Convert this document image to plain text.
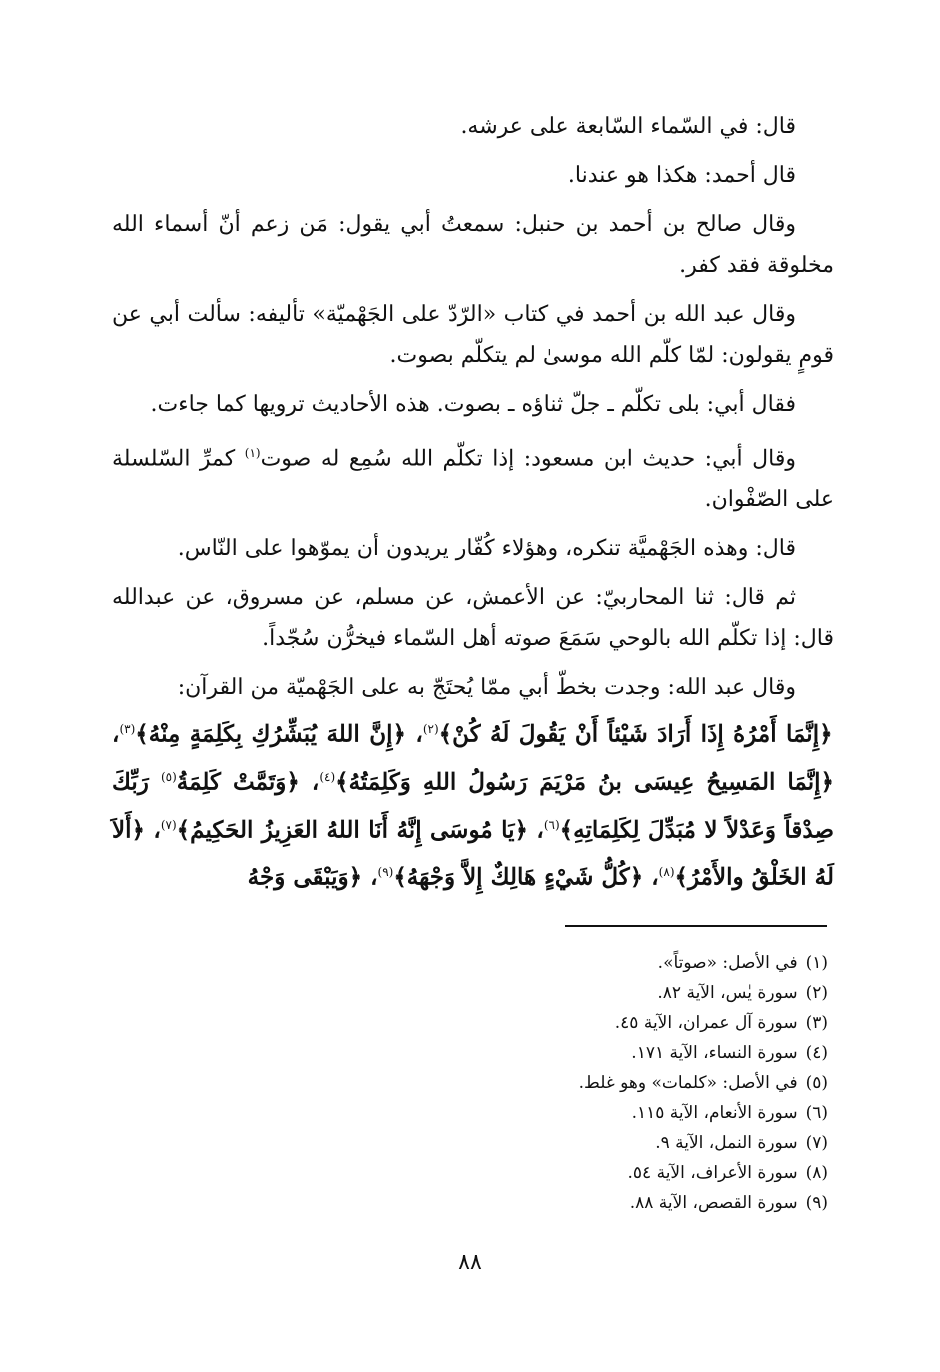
قال: في السّماء السّابعة على عرشه.

قال أحمد: هكذا هو عندنا.

وقال صالح بن أحمد بن حنبل: سمعتُ أبي يقول: مَن زعم أنّ أسماء الله مخلوقة فقد كفر.

وقال عبد الله بن أحمد في كتاب «الرّدّ على الجَهْميّة» تأليفه: سألت أبي عن قومٍ يقولون: لمّا كلّم الله موسىٰ لم يتكلّم بصوت.

فقال أبي: بلى تكلّم ـ جلّ ثناؤه ـ بصوت. هذه الأحاديث ترويها كما جاءت.

وقال أبي: حديث ابن مسعود: إذا تكلّم الله سُمِع له صوت$^{(١)}$ كمرِّ السّلسلة على الصّفْوان.

قال: وهذه الجَهْميَّة تنكره، وهؤلاء كُفّار يريدون أن يموّهوا على النّاس.

ثم قال: ثنا المحاربيّ: عن الأعمش، عن مسلم، عن مسروق، عن عبدالله قال: إذا تكلّم الله بالوحي سَمَعَ صوته أهل السّماء فيخرُّن سُجّداً.

وقال عبد الله: وجدت بخطّ أبي ممّا يُحتَجّ به على الجَهْميّة من القرآن:

﴿إِنَّمَا أَمْرُهُ إِذَا أَرَادَ شَيْئاً أَنْ يَقُولَ لَهُ كُنْ﴾$^{(٢)}$، ﴿إِنَّ اللهَ يُبَشِّرُكِ بِكَلِمَةٍ مِنْهُ﴾$^{(٣)}$، ﴿إِنَّمَا المَسِيحُ عِيسَى بنُ مَرْيَمَ رَسُولُ اللهِ وَكَلِمَتُهُ﴾$^{(٤)}$، ﴿وَتَمَّتْ كَلِمَةُ$^{(٥)}$ رَبِّكَ صِدْقاً وَعَدْلاً لا مُبَدِّلَ لِكَلِمَاتِهِ﴾$^{(٦)}$، ﴿يَا مُوسَى إِنَّهُ أَنَا اللهُ العَزِيزُ الحَكِيمُ﴾$^{(٧)}$، ﴿أَلاَ لَهُ الخَلْقُ والأَمْرُ﴾$^{(٨)}$، ﴿كُلُّ شَيْءٍ هَالِكٌ إِلاَّ وَجْهَهُ﴾$^{(٩)}$، ﴿وَيَبْقَى وَجْهُ

(١)في الأصل: «صوتاً».
(٢)سورة يٰس، الآية ٨٢.
(٣)سورة آل عمران، الآية ٤٥.
(٤)سورة النساء، الآية ١٧١.
(٥)في الأصل: «كلمات» وهو غلط.
(٦)سورة الأنعام، الآية ١١٥.
(٧)سورة النمل، الآية ٩.
(٨)سورة الأعراف، الآية ٥٤.
(٩)سورة القصص، الآية ٨٨.
٨٨
